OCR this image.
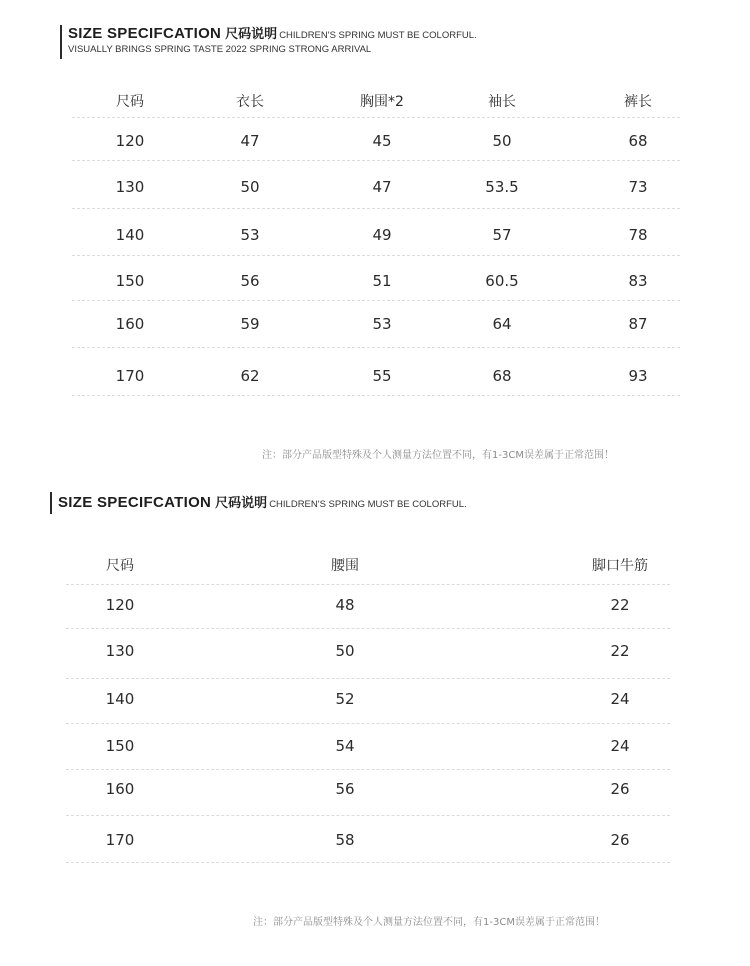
SIZE SPECIFCATION 尺码说明 CHILDREN'S SPRING MUST BE COLORFUL.
VISUALLY BRINGS SPRING TASTE 2022 SPRING STRONG ARRIVAL
尺码	衣长	胸围*2	袖长	裤长
120	47	45	50	68
130	50	47	53.5	73
140	53	49	57	78
150	56	51	60.5	83
160	59	53	64	87
170	62	55	68	93
注：部分产品版型特殊及个人测量方法位置不同，有1-3CM误差属于正常范围！
SIZE SPECIFCATION 尺码说明 CHILDREN'S SPRING MUST BE COLORFUL.
尺码	腰围	脚口牛筋
120	48	22
130	50	22
140	52	24
150	54	24
160	56	26
170	58	26
注：部分产品版型特殊及个人测量方法位置不同，有1-3CM误差属于正常范围！
